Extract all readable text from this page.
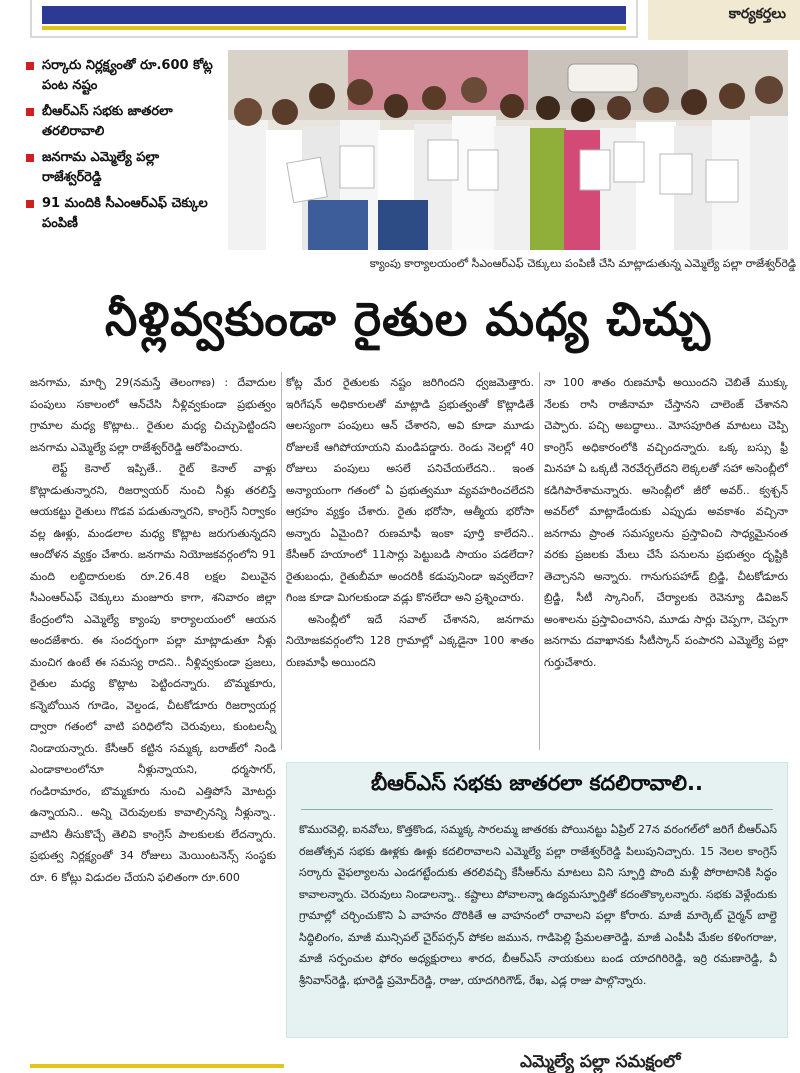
కార్యకర్తలు
సర్కారు నిర్లక్ష్యంతో రూ.600 కోట్ల పంట నష్టం
బీఆర్‌ఎస్‌ సభకు జాతరలా తరలిరావాలి
జనగామ ఎమ్మెల్యే పల్లా రాజేశ్వర్‌రెడ్డి
91 మందికి సీఎంఆర్‌ఎఫ్‌ చెక్కుల పంపిణీ
క్యాంపు కార్యాలయంలో సీఎంఆర్‌ఎఫ్‌ చెక్కులు పంపిణీ చేసి మాట్లాడుతున్న ఎమ్మెల్యే పల్లా రాజేశ్వర్‌రెడ్డి
నీళ్లివ్వకుండా రైతుల మధ్య చిచ్చు

జనగామ, మార్చి 29(నమస్తే తెలంగాణ) : దేవాదుల పంపులు సకాలంలో ఆన్‌చేసి నీళ్లివ్వకుండా ప్రభుత్వం గ్రామాల మధ్య కొట్లాట.. రైతుల మధ్య చిచ్చుపెట్టిందని జనగామ ఎమ్మెల్యే పల్లా రాజేశ్వర్‌రెడ్డి ఆరోపించారు.

లెఫ్ట్‌ కెనాల్‌ ఇప్పితే.. రైట్‌ కెనాల్‌ వాళ్లు కొట్లాడుతున్నారని, రిజర్వాయర్‌ నుంచి నీళ్లు తరలిస్తే ఆయకట్టు రైతులు గొడవ పడుతున్నారని, కాంగ్రెస్‌ నిర్వాకం వల్ల ఊళ్లు, మండలాల మధ్య కొట్లాట జరుగుతున్నదని ఆందోళన వ్యక్తం చేశారు. జనగామ నియోజకవర్గంలోని 91 మంది లబ్ధిదారులకు రూ.26.48 లక్షల విలువైన సీఎంఆర్‌ఎఫ్‌ చెక్కులు మంజూరు కాగా, శనివారం జిల్లా కేంద్రంలోని ఎమ్మెల్యే క్యాంపు కార్యాలయంలో ఆయన అందజేశారు. ఈ సందర్భంగా పల్లా మాట్లాడుతూ నీళ్లు మంచిగ ఉంటే ఈ సమస్య రాదని.. నీళ్లివ్వకుండా ప్రజలు, రైతుల మధ్య కొట్లాట పెట్టిందన్నారు. బొమ్మకూరు, కన్నెబోయిన గూడెం, వెల్దండ, చీటకోడూరు రిజర్వాయర్ల ద్వారా గతంలో వాటి పరిధిలోని చెరువులు, కుంటలన్నీ నిండాయన్నారు. కేసీఆర్‌ కట్టిన సమ్మక్క బరాజ్‌లో నిండి ఎండాకాలంలోనూ నీళ్లున్నాయని, ధర్మసాగర్‌, గండిరామారం, బొమ్మకూరు నుంచి ఎత్తిపోసే మోటర్లు ఉన్నాయని.. అన్ని చెరువులకు కావాల్సినన్ని నీళ్లున్నా.. వాటిని తీసుకొచ్చే తెలివి కాంగ్రెస్‌ పాలకులకు లేదన్నారు. ప్రభుత్వ నిర్లక్ష్యంతో 34 రోజులు మెయింటనెన్స్‌ సంస్థకు రూ. 6 కోట్లు విడుదల చేయని ఫలితంగా రూ.600

కోట్ల మేర రైతులకు నష్టం జరిగిందని ధ్వజమెత్తారు. ఇరిగేషన్‌ అధికారులతో మాట్లాడి ప్రభుత్వంతో కొట్లాడితే ఆలస్యంగా పంపులు ఆన్‌ చేశారని, అవి కూడా మూడు రోజులకే ఆగిపోయాయని మండిపడ్డారు. రెండు నెలల్లో 40 రోజులు పంపులు అసలే పనిచేయలేదని.. ఇంత అన్యాయంగా గతంలో ఏ ప్రభుత్వమూ వ్యవహరించలేదని ఆగ్రహం వ్యక్తం చేశారు. రైతు భరోసా, ఆత్మీయ భరోసా అన్నారు ఏమైంది? రుణమాఫీ ఇంకా పూర్తి కాలేదని.. కేసీఆర్‌ హయాంలో 11సార్లు పెట్టుబడి సాయం పడలేదా? రైతుబంధు, రైతుబీమా అందరికీ కడుపునిండా ఇవ్వలేదా? గింజ కూడా మిగలకుండా వడ్లు కొనలేదా అని ప్రశ్నించారు.

అసెంబ్లీలో ఇదే సవాల్‌ చేశానని, జనగామ నియోజకవర్గంలోని 128 గ్రామాల్లో ఎక్కడైనా 100 శాతం రుణమాఫీ అయిందని

నా 100 శాతం రుణమాఫీ అయిందని చెబితే ముక్కు నేలకు రాసి రాజీనామా చేస్తానని చాలెంజ్‌ చేశానని చెప్పారు. పచ్చి అబద్ధాలు.. మోసపూరిత మాటలు చెప్పి కాంగ్రెస్‌ అధికారంలోకి వచ్చిందన్నారు. ఒక్క బస్సు ఫ్రీ మినహా ఏ ఒక్కటీ నెరవేర్చలేదని లెక్కలతో సహా అసెంబ్లీలో కడిగిపారేశామన్నారు. అసెంబ్లీలో జీరో అవర్‌.. క్వశ్చన్‌ అవర్‌లో మాట్లాడేందుకు ఎప్పుడు అవకాశం వచ్చినా జనగామ ప్రాంత సమస్యలను ప్రస్తావించి సాధ్యమైనంత వరకు ప్రజలకు మేలు చేసే పనులను ప్రభుత్వం దృష్టికి తెచ్చానని అన్నారు. గానుగుపహాడ్‌ బ్రిడ్జి, చీటకోడూరు బ్రిడ్జి, సీటీ స్కానింగ్‌, చేర్యాలకు రెవెన్యూ డివిజన్‌ అంశాలను ప్రస్తావించానని, మూడు సార్లు చెప్పగా, చెప్పగా జనగామ దవాఖానకు సీటీస్కాన్‌ పంపారని ఎమ్మెల్యే పల్లా గుర్తుచేశారు.

బీఆర్‌ఎస్‌ సభకు జాతరలా కదలిరావాలి..
కొమురవెల్లి, ఐనవోలు, కొత్తకొండ, సమ్మక్క సారలమ్మ జాతరకు పోయినట్టు ఏప్రిల్‌ 27న వరంగల్‌లో జరిగే బీఆర్‌ఎస్‌ రజతోత్సవ సభకు ఊళ్లకు ఊళ్లు కదలిరావాలని ఎమ్మెల్యే పల్లా రాజేశ్వర్‌రెడ్డి పిలుపునిచ్చారు. 15 నెలల కాంగ్రెస్‌ సర్కారు వైఫల్యాలను ఎండగట్టేందుకు తరలివచ్చి కేసీఆర్‌ను మాటలు విని స్ఫూర్తి పొంది మళ్లీ పోరాటానికి సిద్ధం కావాలన్నారు. చెరువులు నిండాలన్నా.. కష్టాలు పోవాలన్నా ఉద్యమస్ఫూర్తితో కదంతొక్కాలన్నారు. సభకు వెళ్లేందుకు గ్రామాల్లో చర్చించుకొని ఏ వాహనం దొరికితే ఆ వాహనంలో రావాలని పల్లా కోరారు. మాజీ మార్కెట్‌ చైర్మన్‌ బాల్దె సిద్ధిలింగం, మాజీ మున్సిపల్‌ చైర్‌పర్సన్‌ పోకల జమున, గాడిపెల్లి ప్రేమలతారెడ్డి, మాజీ ఎంపీపీ మేకల కళింగరాజు, మాజీ సర్పంచుల ఫోరం అధ్యక్షురాలు శారద, బీఆర్‌ఎస్‌ నాయకులు బండ యాదగిరిరెడ్డి, ఇర్రి రమణారెడ్డి, వీ శ్రీనివాస్‌రెడ్డి, భూరెడ్డి ప్రమోద్‌రెడ్డి, రాజు, యాదగిరిగౌడ్‌, రేఖ, ఎడ్ల రాజు పాల్గొన్నారు.
ఎమ్మెల్యే పల్లా సమక్షంలో
